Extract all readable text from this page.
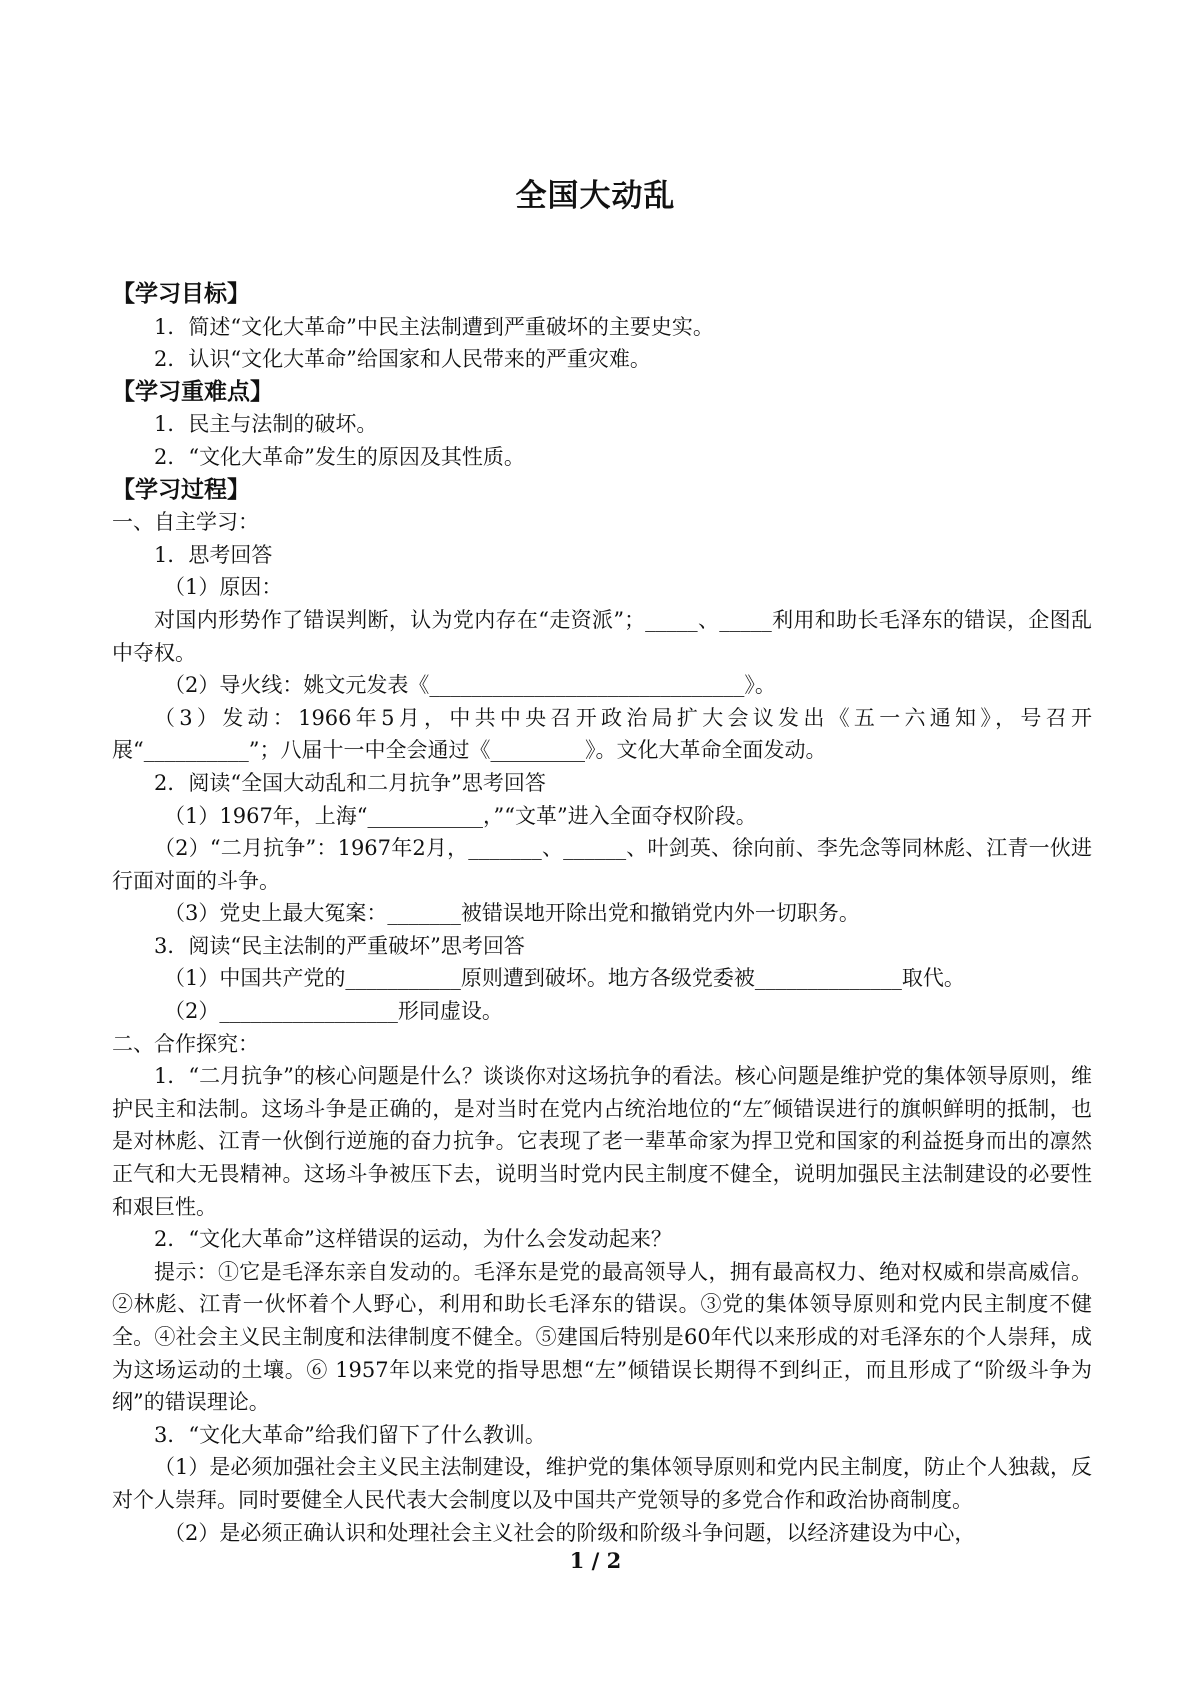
全国大动乱

【学习目标】

1．简述“文化大革命”中民主法制遭到严重破坏的主要史实。

2．认识“文化大革命”给国家和人民带来的严重灾难。

【学习重难点】

1．民主与法制的破坏。

2．“文化大革命”发生的原因及其性质。

【学习过程】

一、自主学习：

1．思考回答

（1）原因：

对国内形势作了错误判断，认为党内存在“走资派”；_____、_____利用和助长毛泽东的错误，企图乱中夺权。

（2）导火线：姚文元发表《______________________________》。

（3）发动：1966年5月，中共中央召开政治局扩大会议发出《五一六通知》，号召开展“__________”；八届十一中全会通过《_________》。文化大革命全面发动。

2．阅读“全国大动乱和二月抗争”思考回答

（1）1967年，上海“___________，”“文革”进入全面夺权阶段。

（2）“二月抗争”：1967年2月，_______、______、叶剑英、徐向前、李先念等同林彪、江青一伙进行面对面的斗争。

（3）党史上最大冤案：_______被错误地开除出党和撤销党内外一切职务。

3．阅读“民主法制的严重破坏”思考回答

（1）中国共产党的___________原则遭到破坏。地方各级党委被______________取代。

（2）_________________形同虚设。

二、合作探究：

1．“二月抗争”的核心问题是什么？谈谈你对这场抗争的看法。核心问题是维护党的集体领导原则，维护民主和法制。这场斗争是正确的，是对当时在党内占统治地位的“左″倾错误进行的旗帜鲜明的抵制，也是对林彪、江青一伙倒行逆施的奋力抗争。它表现了老一辈革命家为捍卫党和国家的利益挺身而出的凛然正气和大无畏精神。这场斗争被压下去，说明当时党内民主制度不健全，说明加强民主法制建设的必要性和艰巨性。

2．“文化大革命”这样错误的运动，为什么会发动起来？

提示：①它是毛泽东亲自发动的。毛泽东是党的最高领导人，拥有最高权力、绝对权威和崇高威信。②林彪、江青一伙怀着个人野心，利用和助长毛泽东的错误。③党的集体领导原则和党内民主制度不健全。④社会主义民主制度和法律制度不健全。⑤建国后特别是60年代以来形成的对毛泽东的个人崇拜，成为这场运动的土壤。⑥ 1957年以来党的指导思想“左”倾错误长期得不到纠正，而且形成了“阶级斗争为纲”的错误理论。

3．“文化大革命”给我们留下了什么教训。

（1）是必须加强社会主义民主法制建设，维护党的集体领导原则和党内民主制度，防止个人独裁，反对个人崇拜。同时要健全人民代表大会制度以及中国共产党领导的多党合作和政治协商制度。

（2）是必须正确认识和处理社会主义社会的阶级和阶级斗争问题，以经济建设为中心，

1 / 2
